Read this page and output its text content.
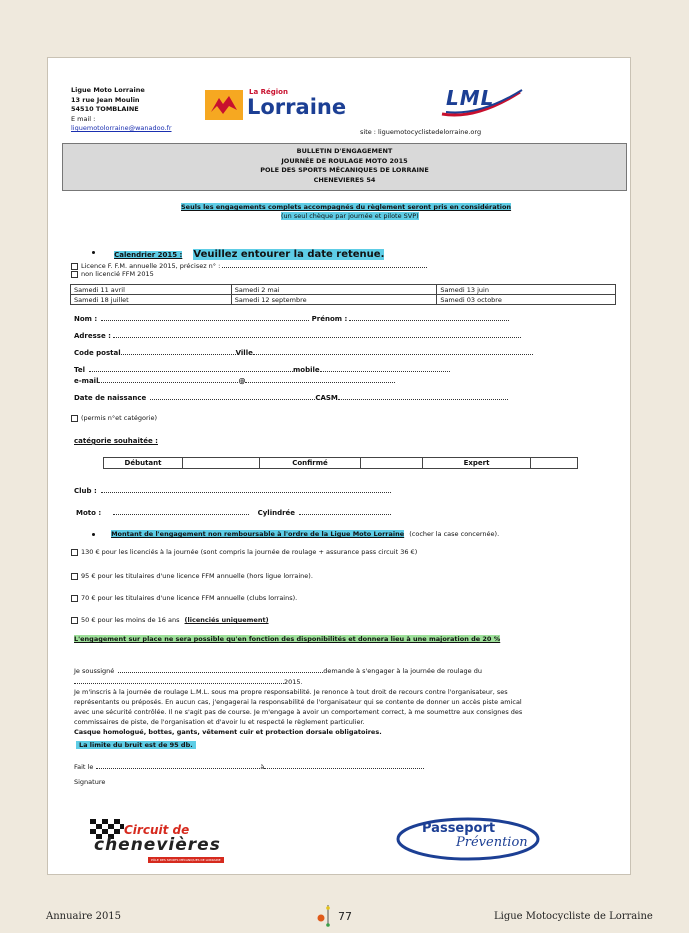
Ligue Moto Lorraine
13 rue Jean Moulin
54510 TOMBLAINE
E mail :
liguemotolorraine@wanadoo.fr
La Région
Lorraine	LML
site : liguemotocyclistedelorraine.org
BULLETIN D'ENGAGEMENT
JOURNÉE DE ROULAGE MOTO 2015
POLE DES SPORTS MÉCANIQUES DE LORRAINE
CHENEVIERES 54
Seuls les engagements complets accompagnés du règlement seront pris en considération
(un seul chèque par journée et pilote SVP)
Calendrier 2015 : Veuillez entourer la date retenue.
Licence F. F.M. annuelle 2015, précisez n° :
non licencié FFM 2015
Samedi 11 avril	Samedi 2 mai	Samedi 13 juin
Samedi 18 juillet	Samedi 12 septembre	Samedi 03 octobre
Nom :	Prénom :
Adresse :
Code postal	Ville
Tel	mobile
e-mail	@
Date de naissance	CASM
(permis n°et catégorie)
catégorie souhaitée :
Débutant		Confirmé		Expert	
Club :
Moto :	Cylindrée
Montant de l'engagement non remboursable à l'ordre de la Ligue Moto Lorraine (cocher la case concernée).
130 € pour les licenciés à la journée (sont compris la journée de roulage + assurance pass circuit 36 €)
95 € pour les titulaires d'une licence FFM annuelle (hors ligue lorraine).
70 € pour les titulaires d'une licence FFM annuelle (clubs lorrains).
50 € pour les moins de 16 ans (licenciés uniquement)
L'engagement sur place ne sera possible qu'en fonction des disponibilités et donnera lieu à une majoration de 20 %
Je soussigné	demande à s'engager à la journée de roulage du
2015.
Je m'inscris à la journée de roulage L.M.L. sous ma propre responsabilité. Je renonce à tout droit de recours contre l'organisateur, ses
représentants ou préposés. En aucun cas, j'engagerai la responsabilité de l'organisateur qui se contente de donner un accès piste amical
avec une sécurité contrôlée. Il ne s'agit pas de course. Je m'engage à avoir un comportement correct, à me soumettre aux consignes des
commissaires de piste, de l'organisation et d'avoir lu et respecté le règlement particulier.
Casque homologué, bottes, gants, vêtement cuir et protection dorsale obligatoires.
La limite du bruit est de 95 db.
Fait le	à
Signature
Circuit de
chenevières
PÔLE DES SPORTS MÉCANIQUES DE LORRAINE
Passeport
Prévention
Annuaire 2015	77	Ligue Motocycliste de Lorraine
